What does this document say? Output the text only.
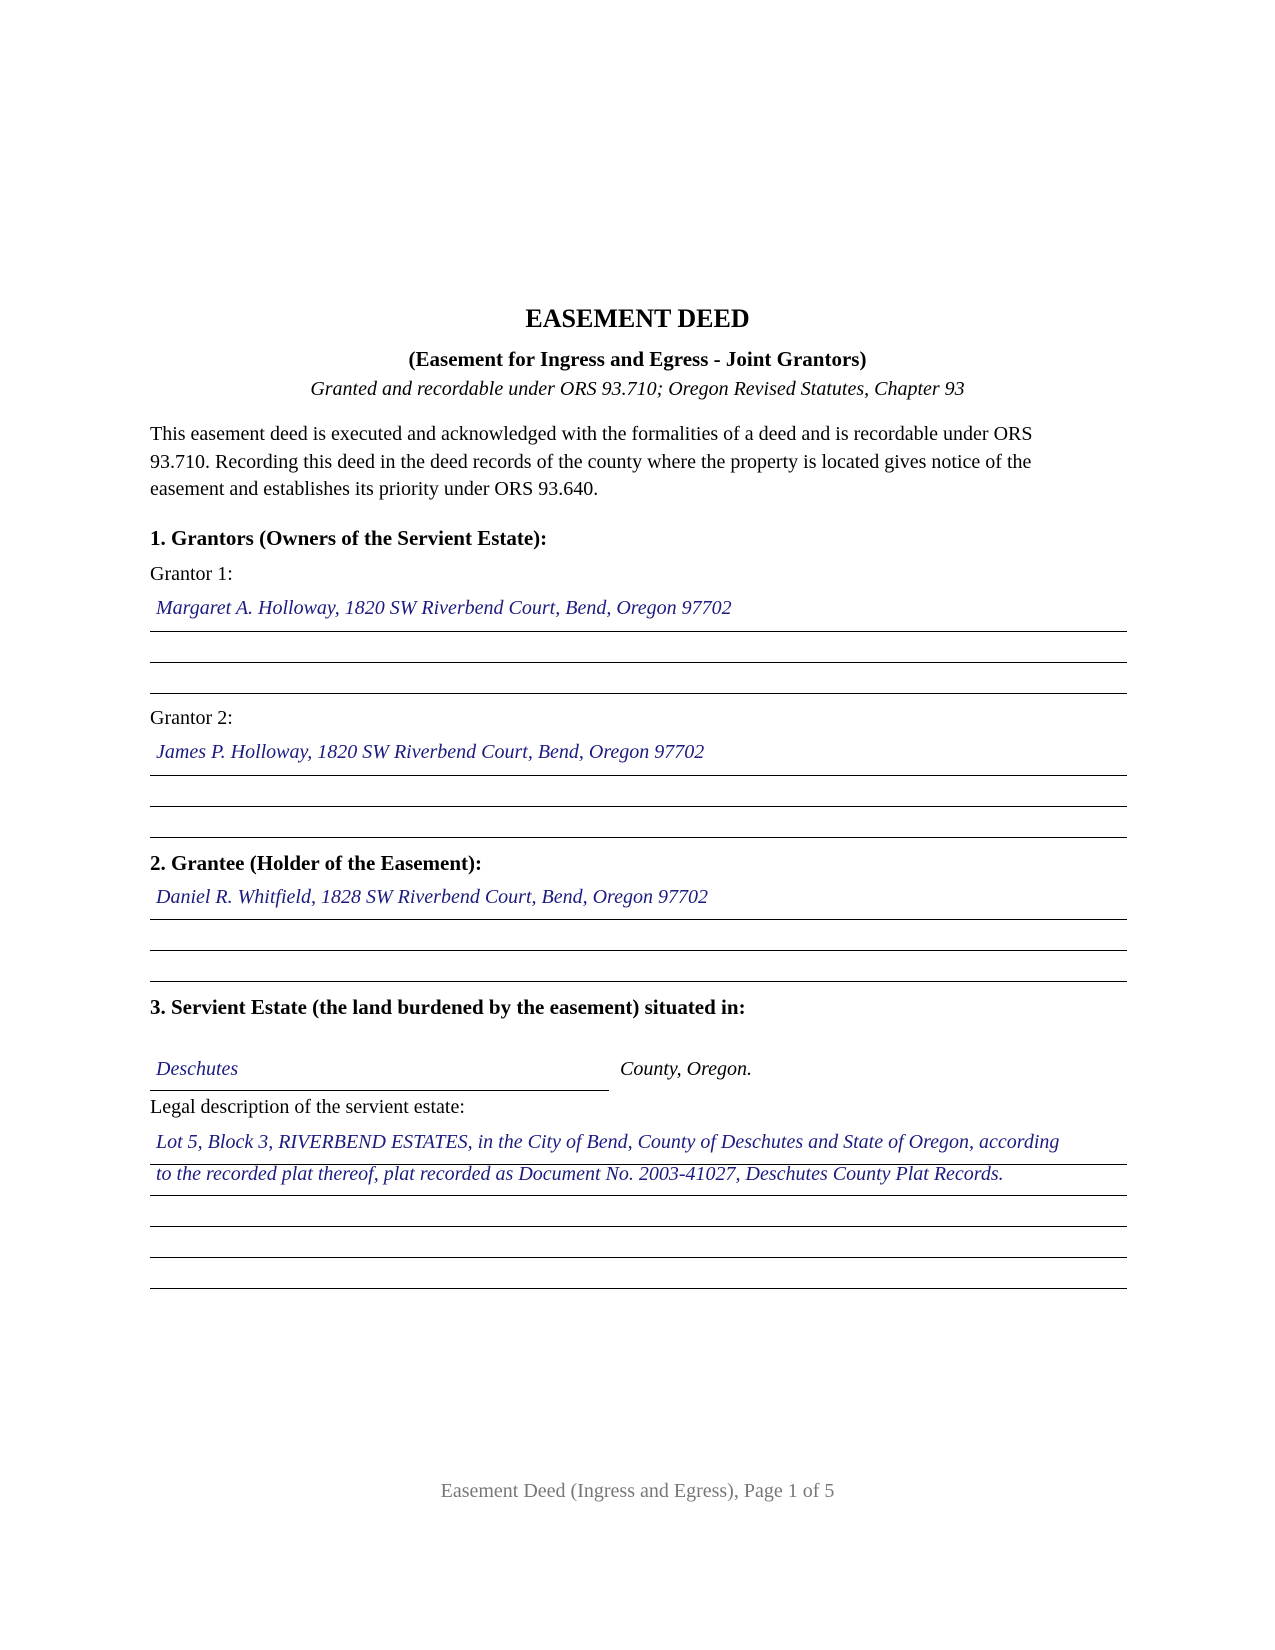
EASEMENT DEED
(Easement for Ingress and Egress - Joint Grantors)
Granted and recordable under ORS 93.710; Oregon Revised Statutes, Chapter 93
This easement deed is executed and acknowledged with the formalities of a deed and is recordable under ORS 93.710. Recording this deed in the deed records of the county where the property is located gives notice of the easement and establishes its priority under ORS 93.640.
1. Grantors (Owners of the Servient Estate):
Grantor 1:
Margaret A. Holloway, 1820 SW Riverbend Court, Bend, Oregon 97702
Grantor 2:
James P. Holloway, 1820 SW Riverbend Court, Bend, Oregon 97702
2. Grantee (Holder of the Easement):
Daniel R. Whitfield, 1828 SW Riverbend Court, Bend, Oregon 97702
3. Servient Estate (the land burdened by the easement) situated in:
Deschutes	County, Oregon.
Legal description of the servient estate:
Lot 5, Block 3, RIVERBEND ESTATES, in the City of Bend, County of Deschutes and State of Oregon, according
to the recorded plat thereof, plat recorded as Document No. 2003-41027, Deschutes County Plat Records.
Easement Deed (Ingress and Egress), Page 1 of 5
